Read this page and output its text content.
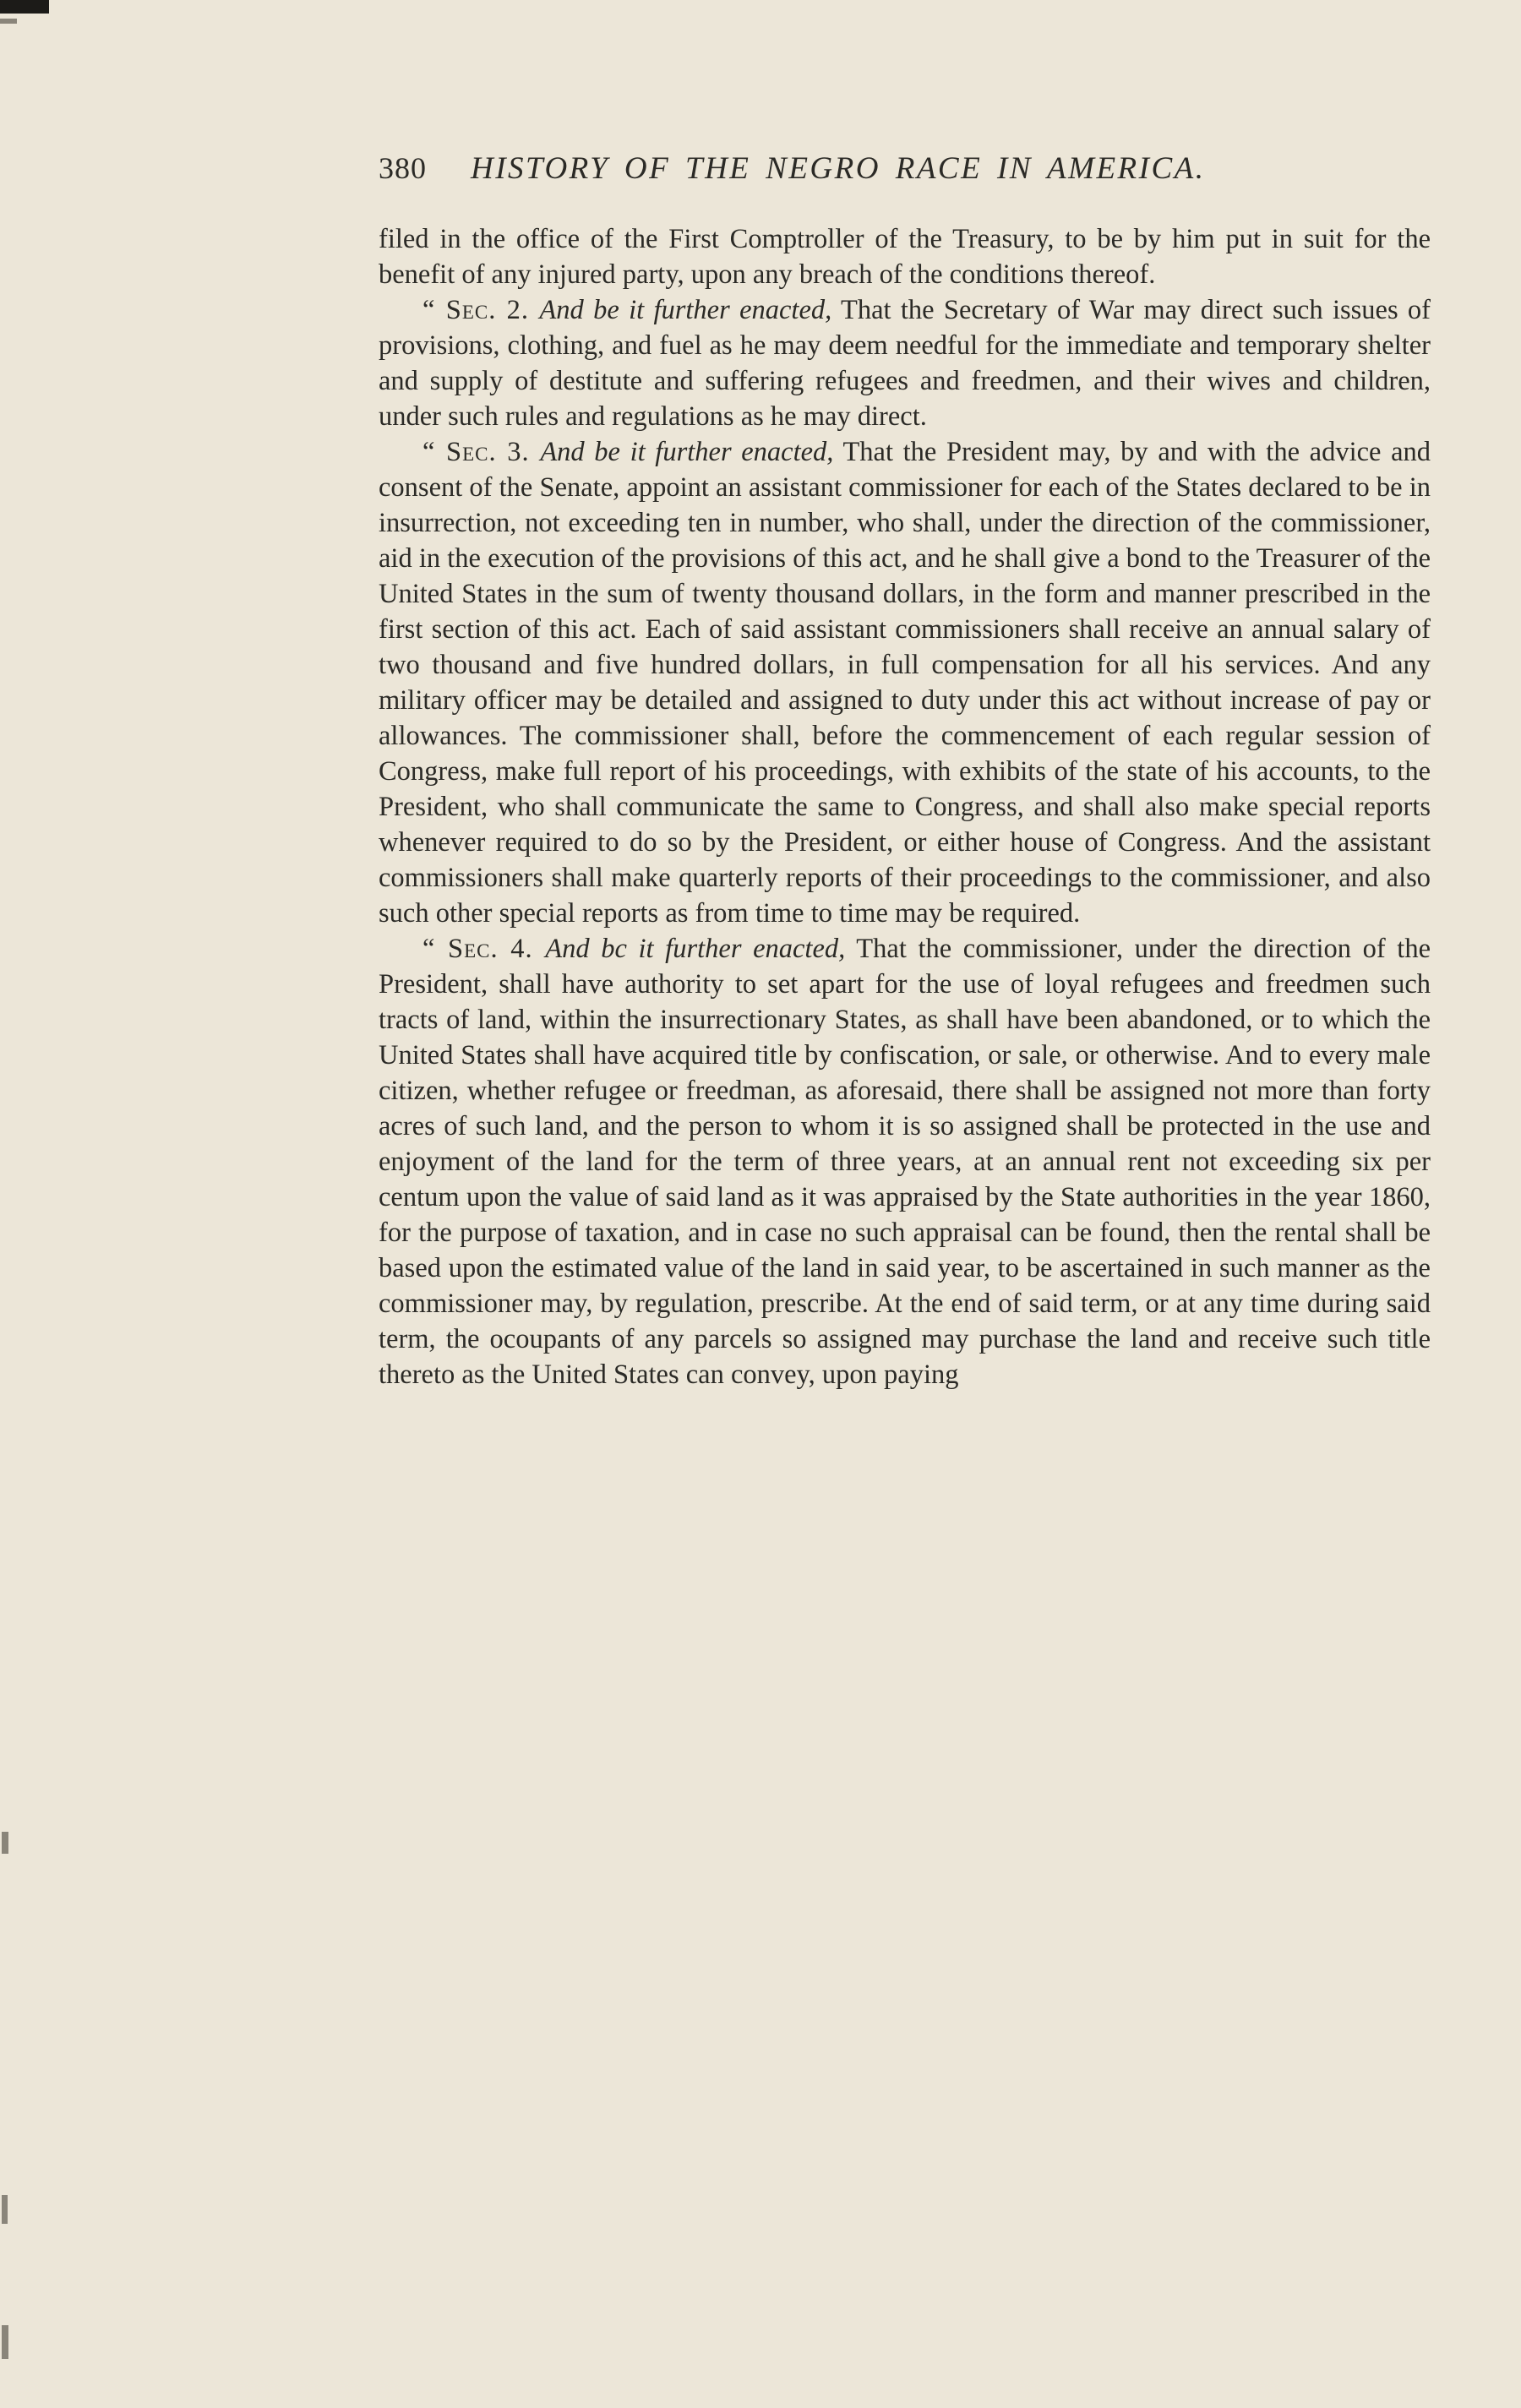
380 HISTORY OF THE NEGRO RACE IN AMERICA.

filed in the office of the First Comptroller of the Treasury, to be by him put in suit for the benefit of any injured party, upon any breach of the conditions thereof.

“ Sec. 2. And be it further enacted, That the Secretary of War may direct such issues of provisions, clothing, and fuel as he may deem needful for the immediate and temporary shelter and supply of destitute and suffering refugees and freedmen, and their wives and children, under such rules and regulations as he may direct.

“ Sec. 3. And be it further enacted, That the President may, by and with the advice and consent of the Senate, appoint an assistant commissioner for each of the States declared to be in insurrection, not exceeding ten in number, who shall, under the direction of the commissioner, aid in the execution of the provisions of this act, and he shall give a bond to the Treasurer of the United States in the sum of twenty thousand dollars, in the form and manner prescribed in the first section of this act. Each of said assistant commissioners shall receive an annual salary of two thousand and five hundred dollars, in full compensation for all his services. And any military officer may be detailed and assigned to duty under this act without increase of pay or allowances. The commissioner shall, before the commencement of each regular session of Congress, make full report of his proceedings, with exhibits of the state of his accounts, to the President, who shall communicate the same to Congress, and shall also make special reports whenever required to do so by the President, or either house of Congress. And the assistant commissioners shall make quarterly reports of their proceedings to the commissioner, and also such other special reports as from time to time may be required.

“ Sec. 4. And bc it further enacted, That the commissioner, under the direction of the President, shall have authority to set apart for the use of loyal refugees and freedmen such tracts of land, within the insurrectionary States, as shall have been abandoned, or to which the United States shall have acquired title by confiscation, or sale, or otherwise. And to every male citizen, whether refugee or freedman, as aforesaid, there shall be assigned not more than forty acres of such land, and the person to whom it is so assigned shall be protected in the use and enjoyment of the land for the term of three years, at an annual rent not exceeding six per centum upon the value of said land as it was appraised by the State authorities in the year 1860, for the purpose of taxation, and in case no such appraisal can be found, then the rental shall be based upon the estimated value of the land in said year, to be ascertained in such manner as the commissioner may, by regulation, prescribe. At the end of said term, or at any time during said term, the ocoupants of any parcels so assigned may purchase the land and receive such title thereto as the United States can convey, upon paying
